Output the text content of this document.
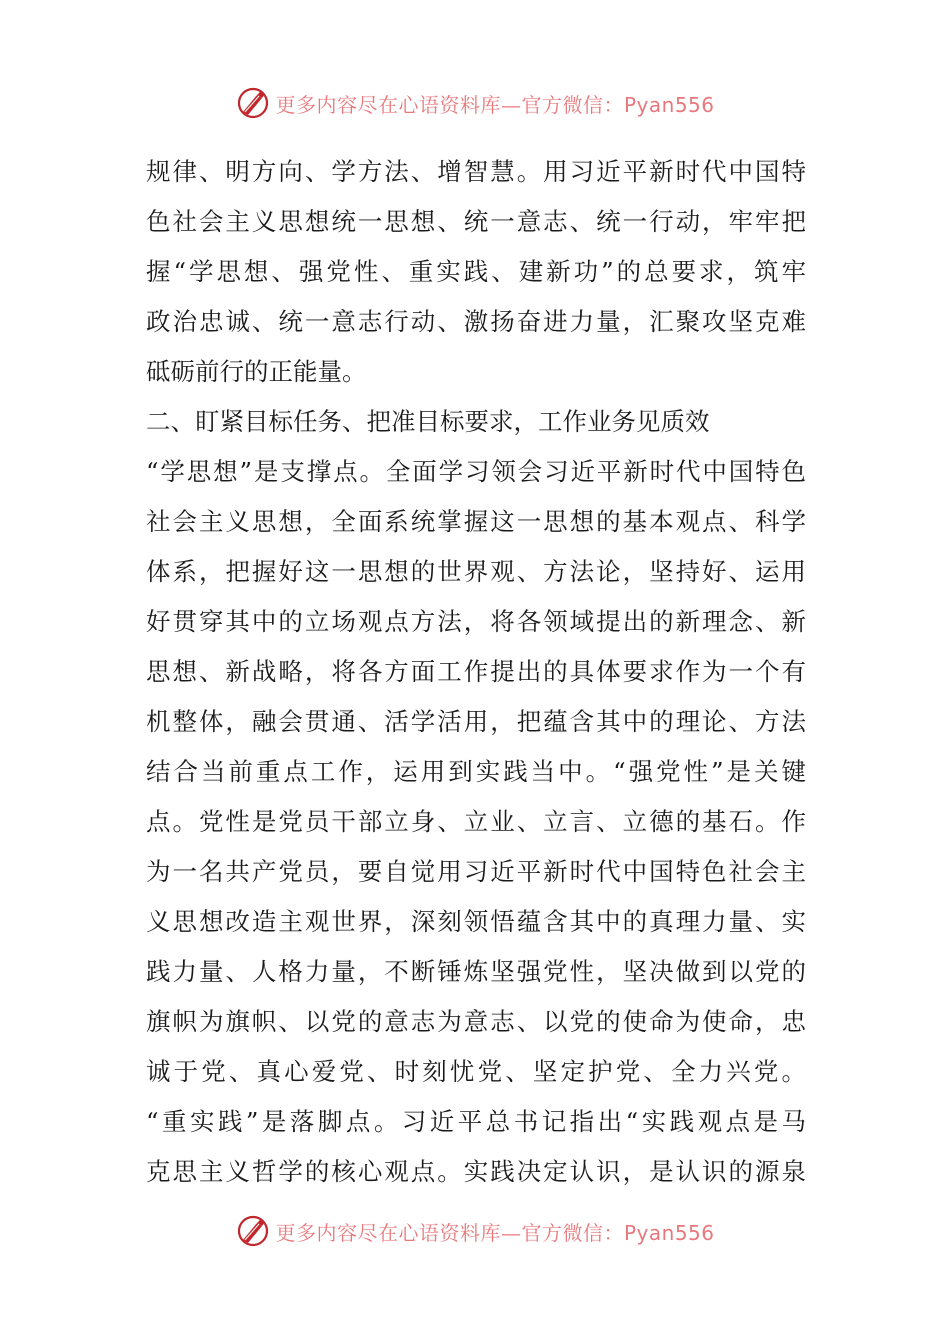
更多内容尽在心语资料库—官方微信：Pyan556
规律、明方向、学方法、增智慧。用习近平新时代中国特
色社会主义思想统一思想、统一意志、统一行动，牢牢把
握“学思想、强党性、重实践、建新功”的总要求，筑牢
政治忠诚、统一意志行动、激扬奋进力量，汇聚攻坚克难
砥砺前行的正能量。
二、盯紧目标任务、把准目标要求，工作业务见质效
“学思想”是支撑点。全面学习领会习近平新时代中国特色
社会主义思想，全面系统掌握这一思想的基本观点、科学
体系，把握好这一思想的世界观、方法论，坚持好、运用
好贯穿其中的立场观点方法，将各领域提出的新理念、新
思想、新战略，将各方面工作提出的具体要求作为一个有
机整体，融会贯通、活学活用，把蕴含其中的理论、方法
结合当前重点工作，运用到实践当中。“强党性”是关键
点。党性是党员干部立身、立业、立言、立德的基石。作
为一名共产党员，要自觉用习近平新时代中国特色社会主
义思想改造主观世界，深刻领悟蕴含其中的真理力量、实
践力量、人格力量，不断锤炼坚强党性，坚决做到以党的
旗帜为旗帜、以党的意志为意志、以党的使命为使命，忠
诚于党、真心爱党、时刻忧党、坚定护党、全力兴党。
“重实践”是落脚点。习近平总书记指出“实践观点是马
克思主义哲学的核心观点。实践决定认识，是认识的源泉
更多内容尽在心语资料库—官方微信：Pyan556
